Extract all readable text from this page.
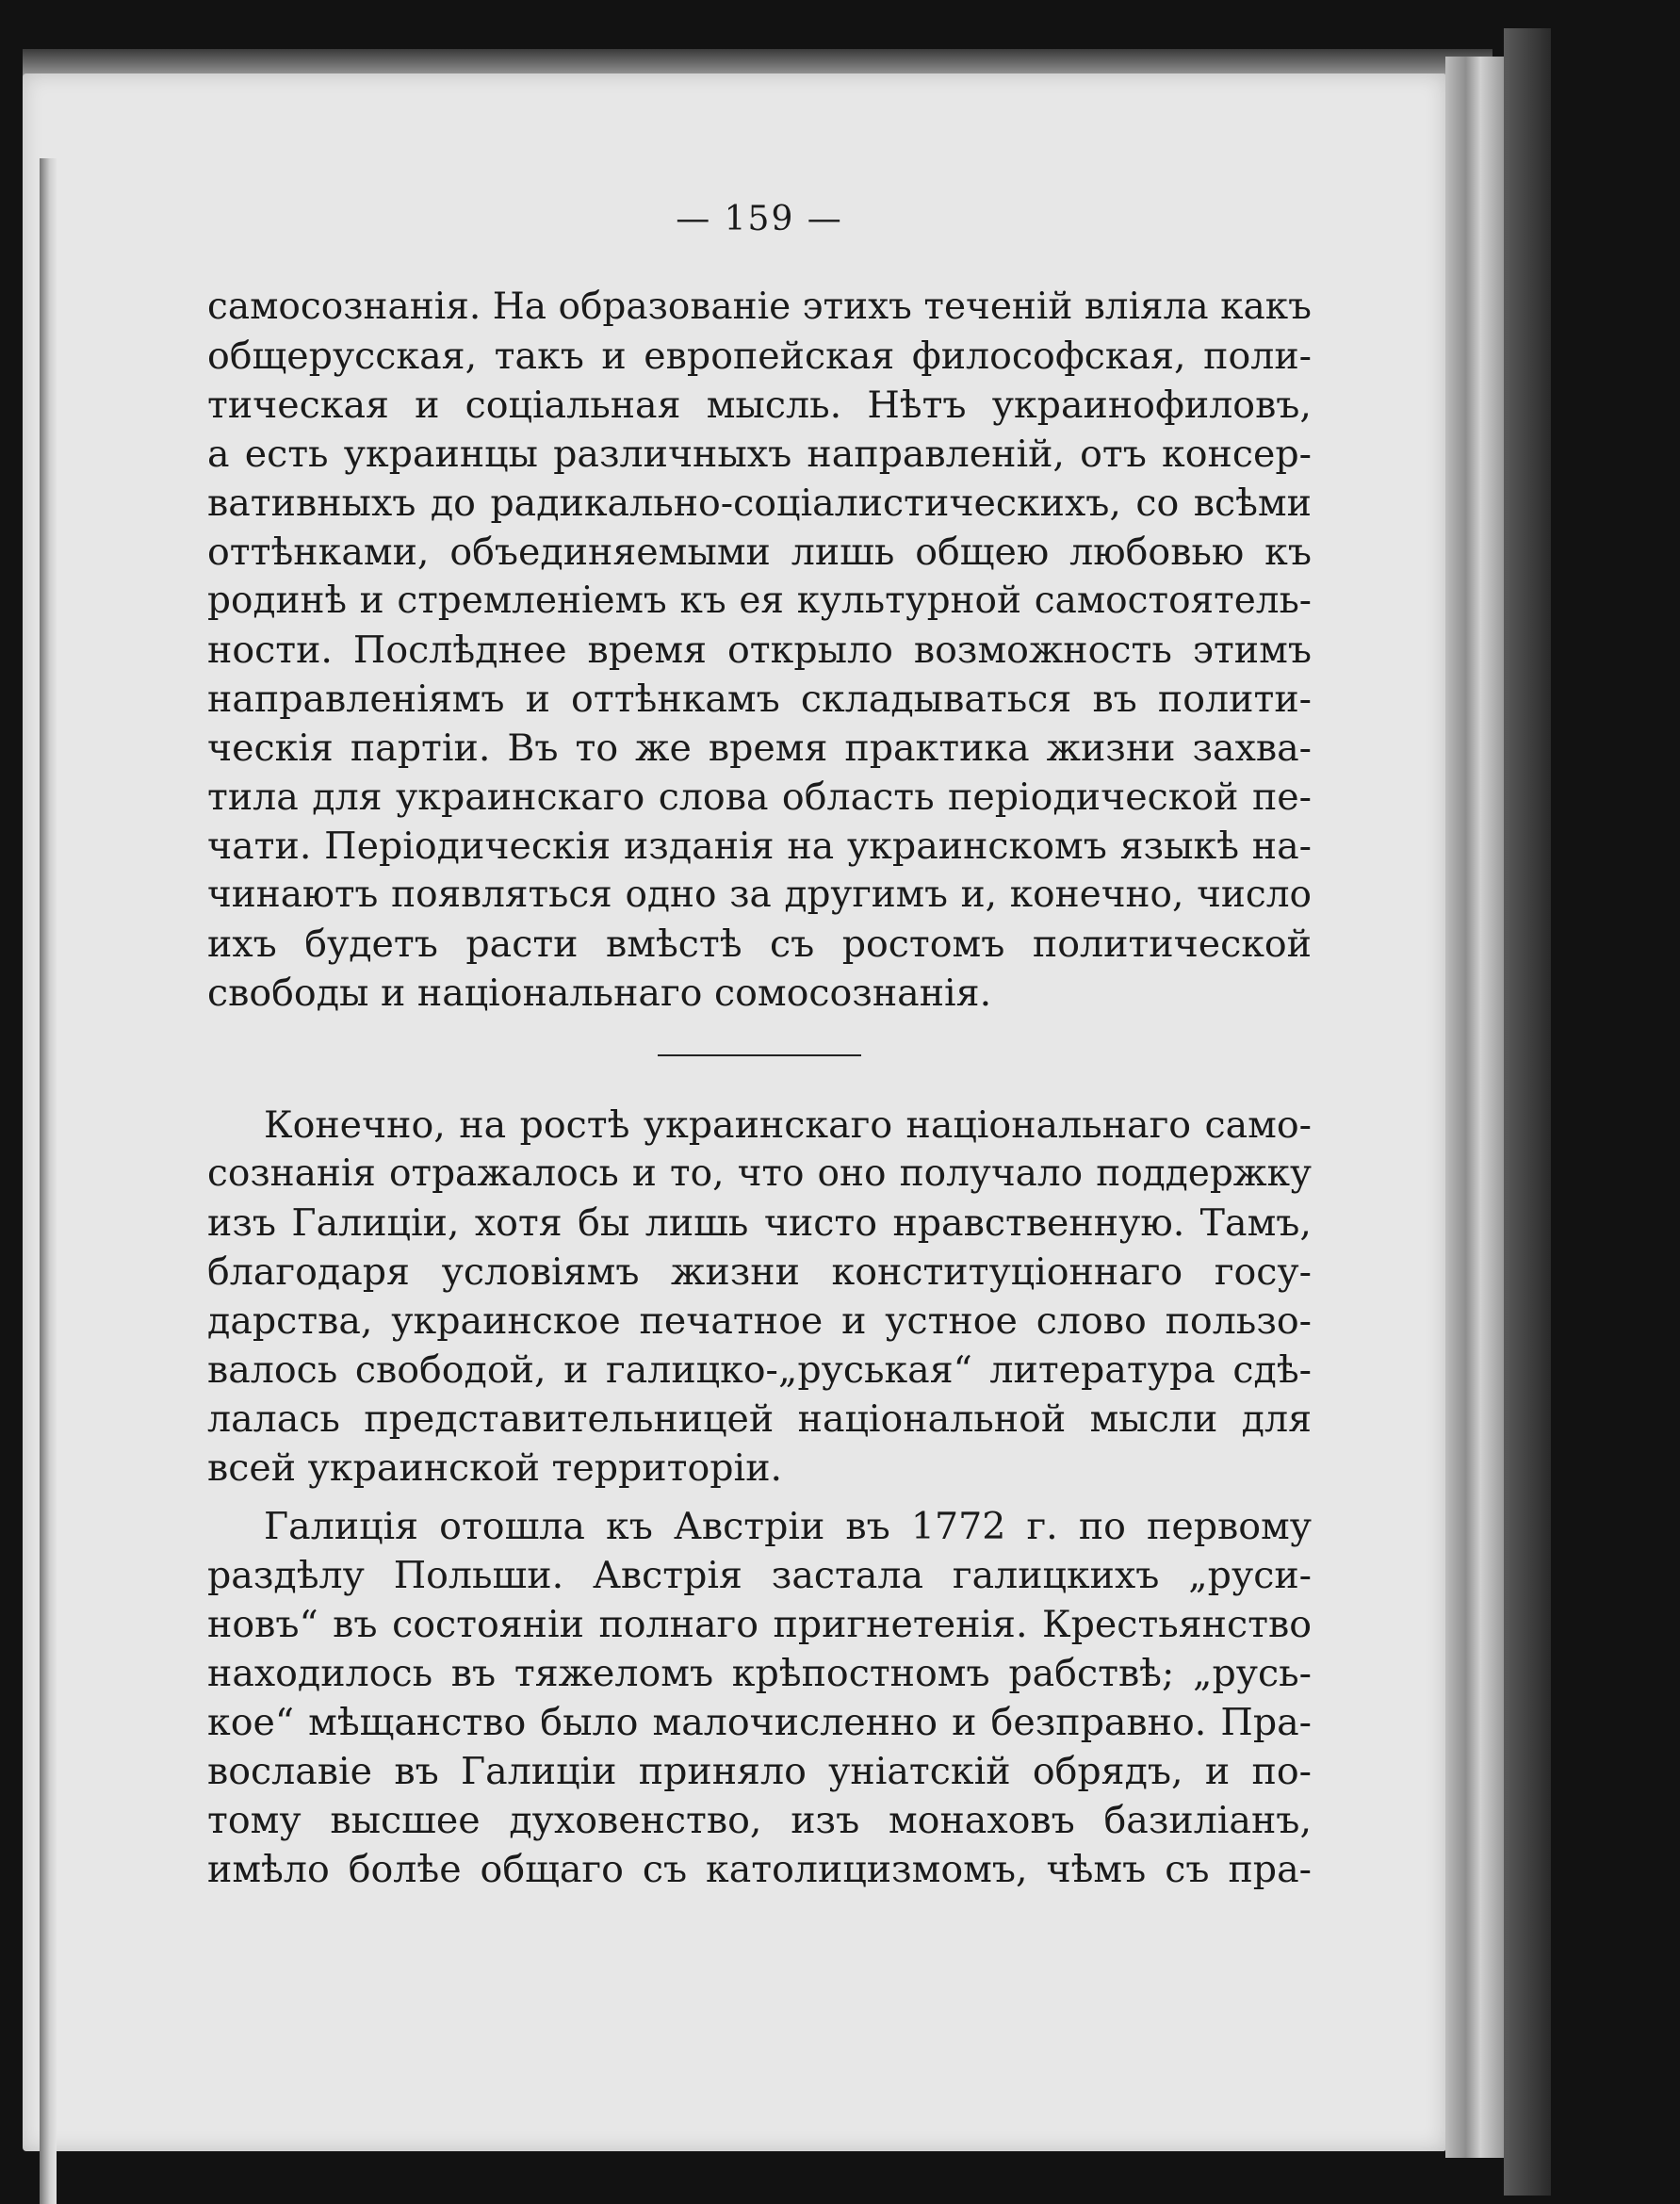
— 159 —
самосознанія. На образованіе этихъ теченій вліяла какъ
общерусская, такъ и европейская философская, поли-
тическая и соціальная мысль. Нѣтъ украинофиловъ,
а есть украинцы различныхъ направленій, отъ консер-
вативныхъ до радикально-соціалистическихъ, со всѣми
оттѣнками, объединяемыми лишь общею любовью къ
родинѣ и стремленіемъ къ ея культурной самостоятель-
ности. Послѣднее время открыло возможность этимъ
направленіямъ и оттѣнкамъ складываться въ полити-
ческія партіи. Въ то же время практика жизни захва-
тила для украинскаго слова область періодической пе-
чати. Періодическія изданія на украинскомъ языкѣ на-
чинаютъ появляться одно за другимъ и, конечно, число
ихъ будетъ расти вмѣстѣ съ ростомъ политической
свободы и національнаго сомосознанія.
Конечно, на ростѣ украинскаго національнаго само-
сознанія отражалось и то, что оно получало поддержку
изъ Галиціи, хотя бы лишь чисто нравственную. Тамъ,
благодаря условіямъ жизни конституціоннаго госу-
дарства, украинское печатное и устное слово пользо-
валось свободой, и галицко-„руськая“ литература сдѣ-
лалась представительницей національной мысли для
всей украинской территоріи.
Галиція отошла къ Австріи въ 1772 г. по первому
раздѣлу Польши. Австрія застала галицкихъ „руси-
новъ“ въ состояніи полнаго пригнетенія. Крестьянство
находилось въ тяжеломъ крѣпостномъ рабствѣ; „русь-
кое“ мѣщанство было малочисленно и безправно. Пра-
вославіе въ Галиціи приняло уніатскій обрядъ, и по-
тому высшее духовенство, изъ монаховъ базиліанъ,
имѣло болѣе общаго съ католицизмомъ, чѣмъ съ пра-
